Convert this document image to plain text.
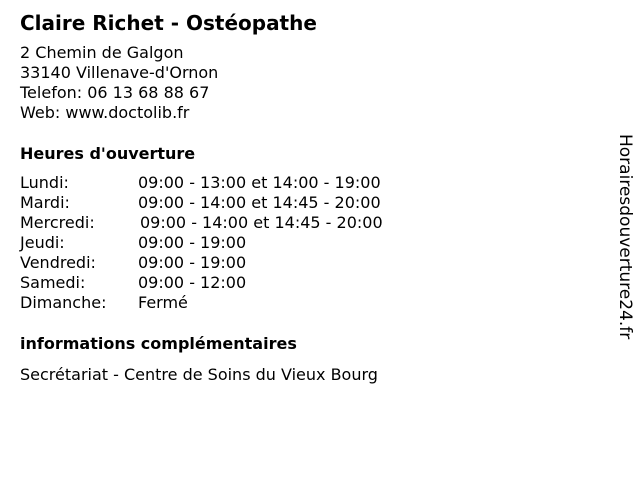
Claire Richet - Ostéopathe
2 Chemin de Galgon
33140 Villenave-d'Ornon
Telefon: 06 13 68 88 67
Web: www.doctolib.fr
Heures d'ouverture
Lundi:	09:00 - 13:00 et 14:00 - 19:00
Mardi:	09:00 - 14:00 et 14:45 - 20:00
Mercredi:	09:00 - 14:00 et 14:45 - 20:00
Jeudi:	09:00 - 19:00
Vendredi:	09:00 - 19:00
Samedi:	09:00 - 12:00
Dimanche: Fermé
informations complémentaires
Secrétariat - Centre de Soins du Vieux Bourg
Horairesdouverture24.fr
